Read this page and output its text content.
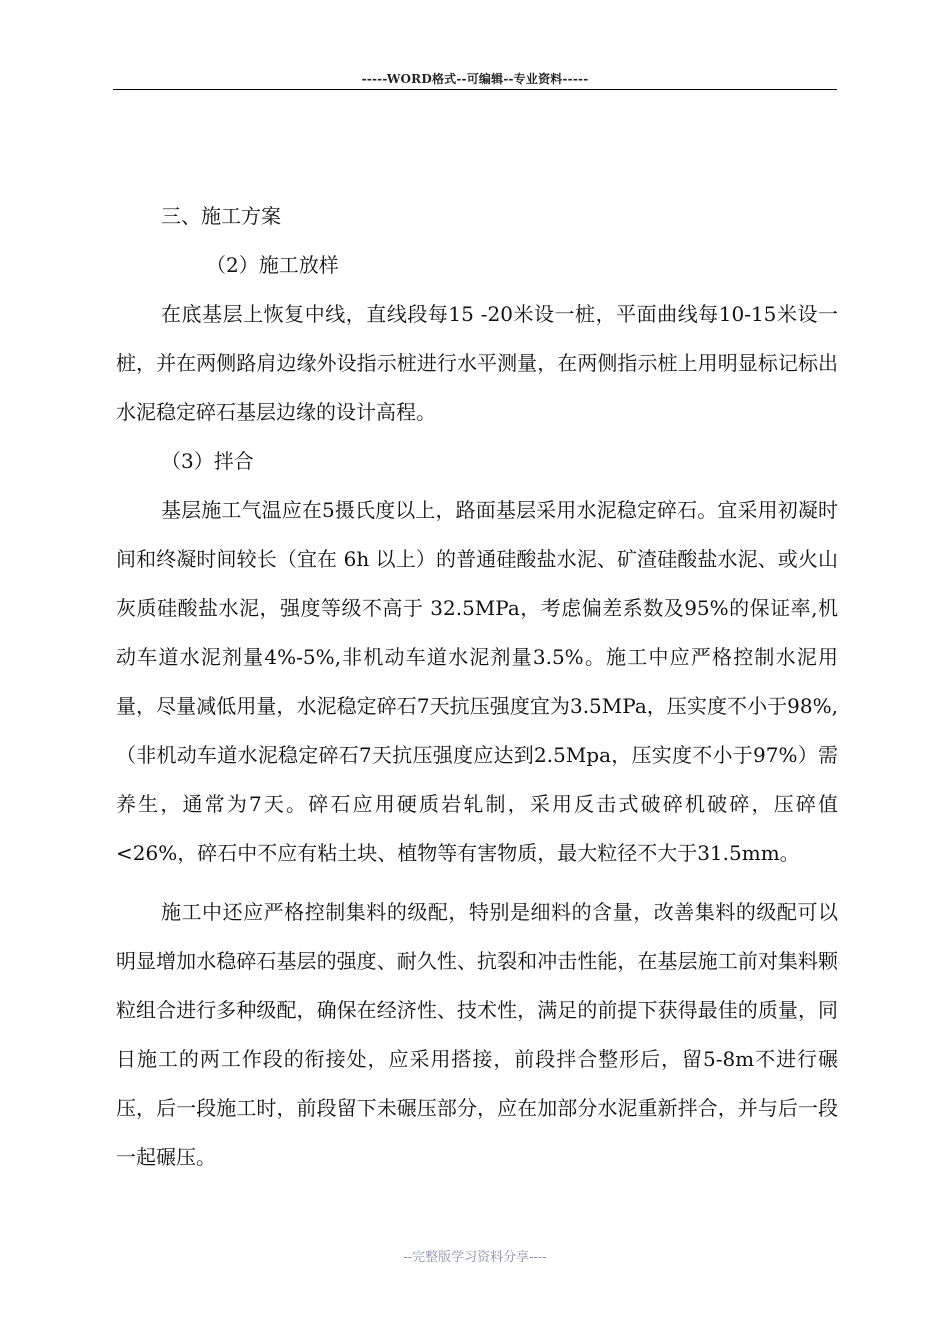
-----WORD格式--可编辑--专业资料-----

三、施工方案

（2）施工放样

在底基层上恢复中线，直线段每15 -20米设一桩，平面曲线每10-15米设一桩，并在两侧路肩边缘外设指示桩进行水平测量，在两侧指示桩上用明显标记标出水泥稳定碎石基层边缘的设计高程。

（3）拌合

基层施工气温应在5摄氏度以上，路面基层采用水泥稳定碎石。宜采用初凝时间和终凝时间较长（宜在 6h 以上）的普通硅酸盐水泥、矿渣硅酸盐水泥、或火山灰质硅酸盐水泥，强度等级不高于 32.5MPa，考虑偏差系数及95%的保证率,机动车道水泥剂量4%-5%,非机动车道水泥剂量3.5%。施工中应严格控制水泥用量，尽量减低用量，水泥稳定碎石7天抗压强度宜为3.5MPa，压实度不小于98%,（非机动车道水泥稳定碎石7天抗压强度应达到2.5Mpa，压实度不小于97%）需养生，通常为7天。碎石应用硬质岩轧制，采用反击式破碎机破碎，压碎值<26%，碎石中不应有粘土块、植物等有害物质，最大粒径不大于31.5mm。

施工中还应严格控制集料的级配，特别是细料的含量，改善集料的级配可以明显增加水稳碎石基层的强度、耐久性、抗裂和冲击性能，在基层施工前对集料颗粒组合进行多种级配，确保在经济性、技术性，满足的前提下获得最佳的质量，同日施工的两工作段的衔接处，应采用搭接，前段拌合整形后，留5-8m不进行碾压，后一段施工时，前段留下未碾压部分，应在加部分水泥重新拌合，并与后一段一起碾压。

--完整版学习资料分享----
